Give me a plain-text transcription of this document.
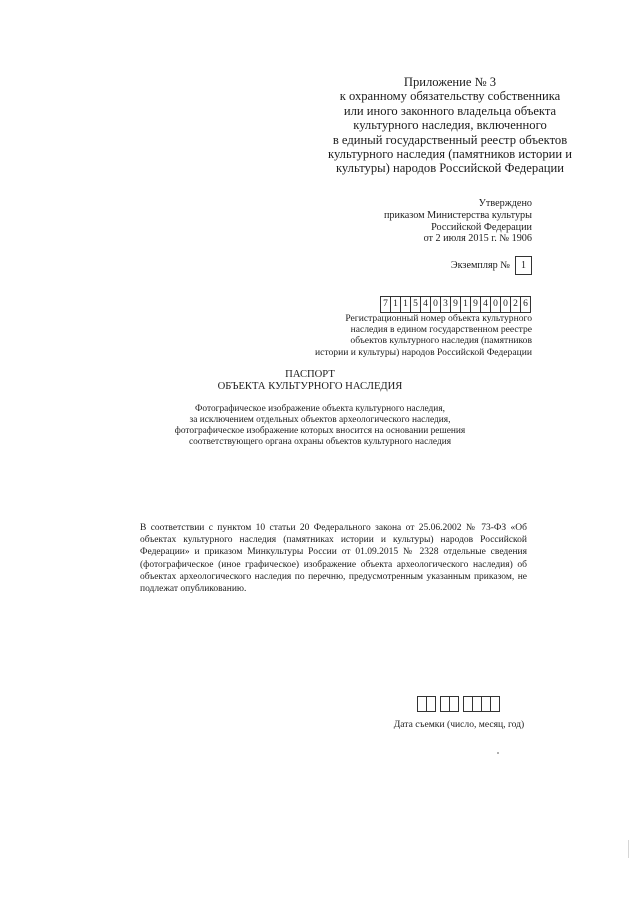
Приложение № 3
к охранному обязательству собственника
или иного законного владельца объекта
культурного наследия, включенного
в единый государственный реестр объектов
культурного наследия (памятников истории и
культуры) народов Российской Федерации
Утверждено
приказом Министерства культуры
Российской Федерации
от 2 июля 2015 г. № 1906
Экземпляр №	1
7 1 1 5 4 0 3 9 1 9 4 0 0 2 6
Регистрационный номер объекта культурного
наследия в едином государственном реестре
объектов культурного наследия (памятников
истории и культуры) народов Российской Федерации
ПАСПОРТ
ОБЪЕКТА КУЛЬТУРНОГО НАСЛЕДИЯ
Фотографическое изображение объекта культурного наследия,
за исключением отдельных объектов археологического наследия,
фотографическое изображение которых вносится на основании решения
соответствующего органа охраны объектов культурного наследия
В соответствии с пунктом 10 статьи 20 Федерального закона от 25.06.2002 № 73-ФЗ «Об объектах культурного наследия (памятниках истории и культуры) народов Российской Федерации» и приказом Минкультуры России от 01.09.2015 № 2328 отдельные сведения (фотографическое (иное графическое) изображение объекта археологического наследия) об объектах археологического наследия по перечню, предусмотренным указанным приказом, не подлежат опубликованию.
Дата съемки (число, месяц, год)
